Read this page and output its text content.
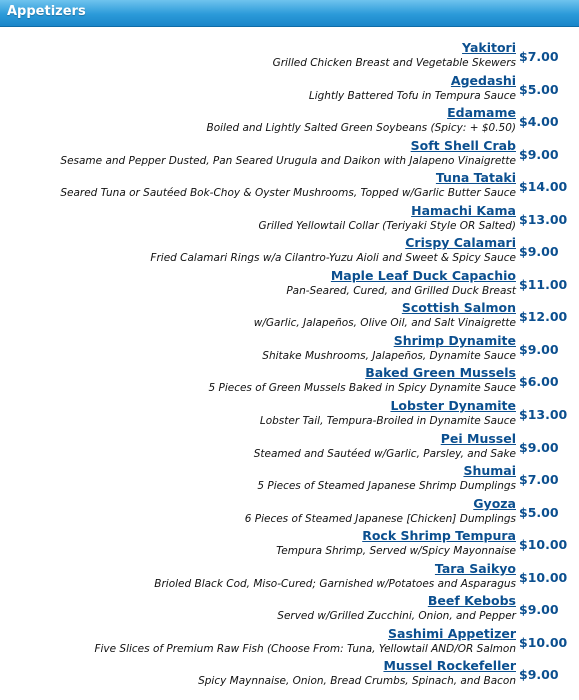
Appetizers
Yakitori
$7.00
Grilled Chicken Breast and Vegetable Skewers
Agedashi
$5.00
Lightly Battered Tofu in Tempura Sauce
Edamame
$4.00
Boiled and Lightly Salted Green Soybeans (Spicy: + $0.50)
Soft Shell Crab
$9.00
Sesame and Pepper Dusted, Pan Seared Urugula and Daikon with Jalapeno Vinaigrette
Tuna Tataki
$14.00
Seared Tuna or Sautéed Bok-Choy & Oyster Mushrooms, Topped w/Garlic Butter Sauce
Hamachi Kama
$13.00
Grilled Yellowtail Collar (Teriyaki Style OR Salted)
Crispy Calamari
$9.00
Fried Calamari Rings w/a Cilantro-Yuzu Aioli and Sweet & Spicy Sauce
Maple Leaf Duck Capachio
$11.00
Pan-Seared, Cured, and Grilled Duck Breast
Scottish Salmon
$12.00
w/Garlic, Jalapeños, Olive Oil, and Salt Vinaigrette
Shrimp Dynamite
$9.00
Shitake Mushrooms, Jalapeños, Dynamite Sauce
Baked Green Mussels
$6.00
5 Pieces of Green Mussels Baked in Spicy Dynamite Sauce
Lobster Dynamite
$13.00
Lobster Tail, Tempura-Broiled in Dynamite Sauce
Pei Mussel
$9.00
Steamed and Sautéed w/Garlic, Parsley, and Sake
Shumai
$7.00
5 Pieces of Steamed Japanese Shrimp Dumplings
Gyoza
$5.00
6 Pieces of Steamed Japanese [Chicken] Dumplings
Rock Shrimp Tempura
$10.00
Tempura Shrimp, Served w/Spicy Mayonnaise
Tara Saikyo
$10.00
Brioled Black Cod, Miso-Cured; Garnished w/Potatoes and Asparagus
Beef Kebobs
$9.00
Served w/Grilled Zucchini, Onion, and Pepper
Sashimi Appetizer
$10.00
Five Slices of Premium Raw Fish (Choose From: Tuna, Yellowtail AND/OR Salmon
Mussel Rockefeller
$9.00
Spicy Maynnaise, Onion, Bread Crumbs, Spinach, and Bacon
